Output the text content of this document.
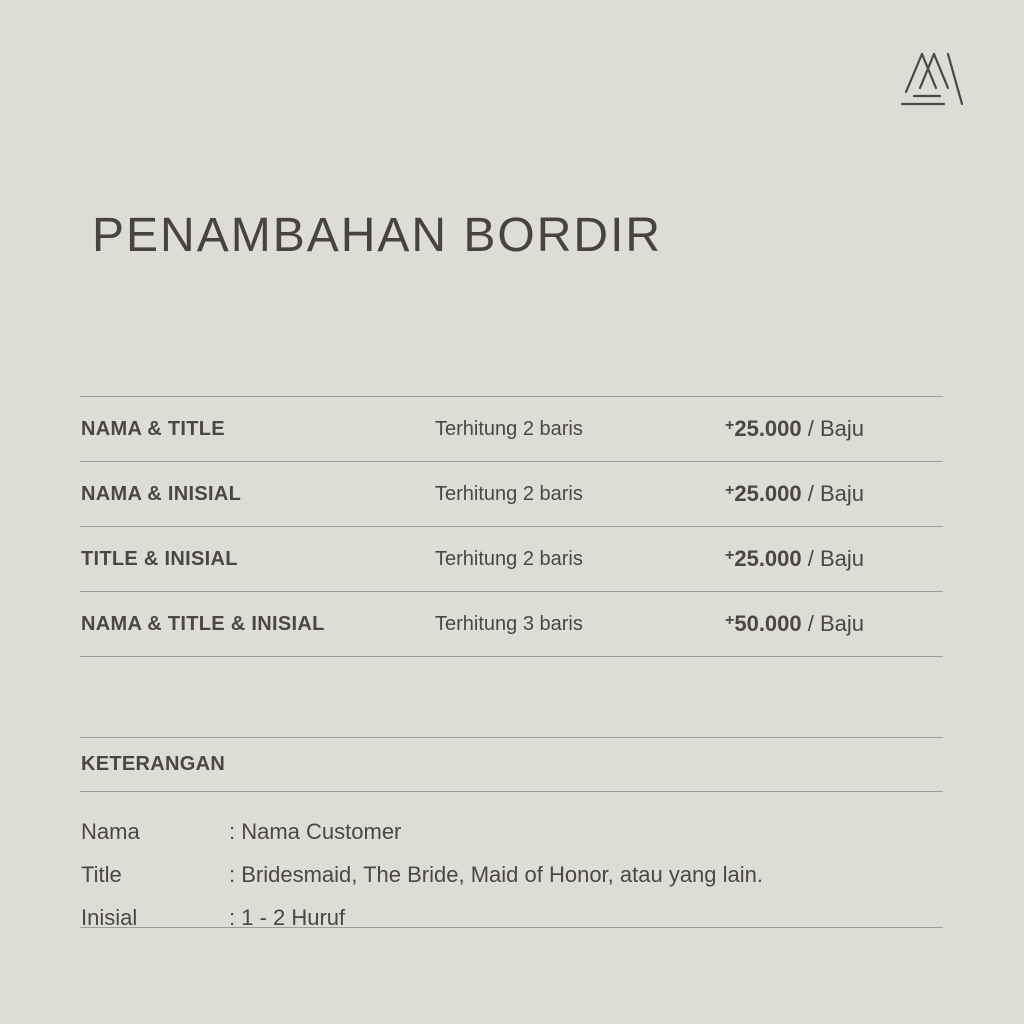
PENAMBAHAN BORDIR
NAMA & TITLE	Terhitung 2 baris	+25.000 / Baju
NAMA & INISIAL	Terhitung 2 baris	+25.000 / Baju
TITLE & INISIAL	Terhitung 2 baris	+25.000 / Baju
NAMA & TITLE & INISIAL	Terhitung 3 baris	+50.000 / Baju
KETERANGAN
Nama	: Nama Customer
Title	: Bridesmaid, The Bride, Maid of Honor, atau yang lain.
Inisial	: 1 - 2 Huruf
